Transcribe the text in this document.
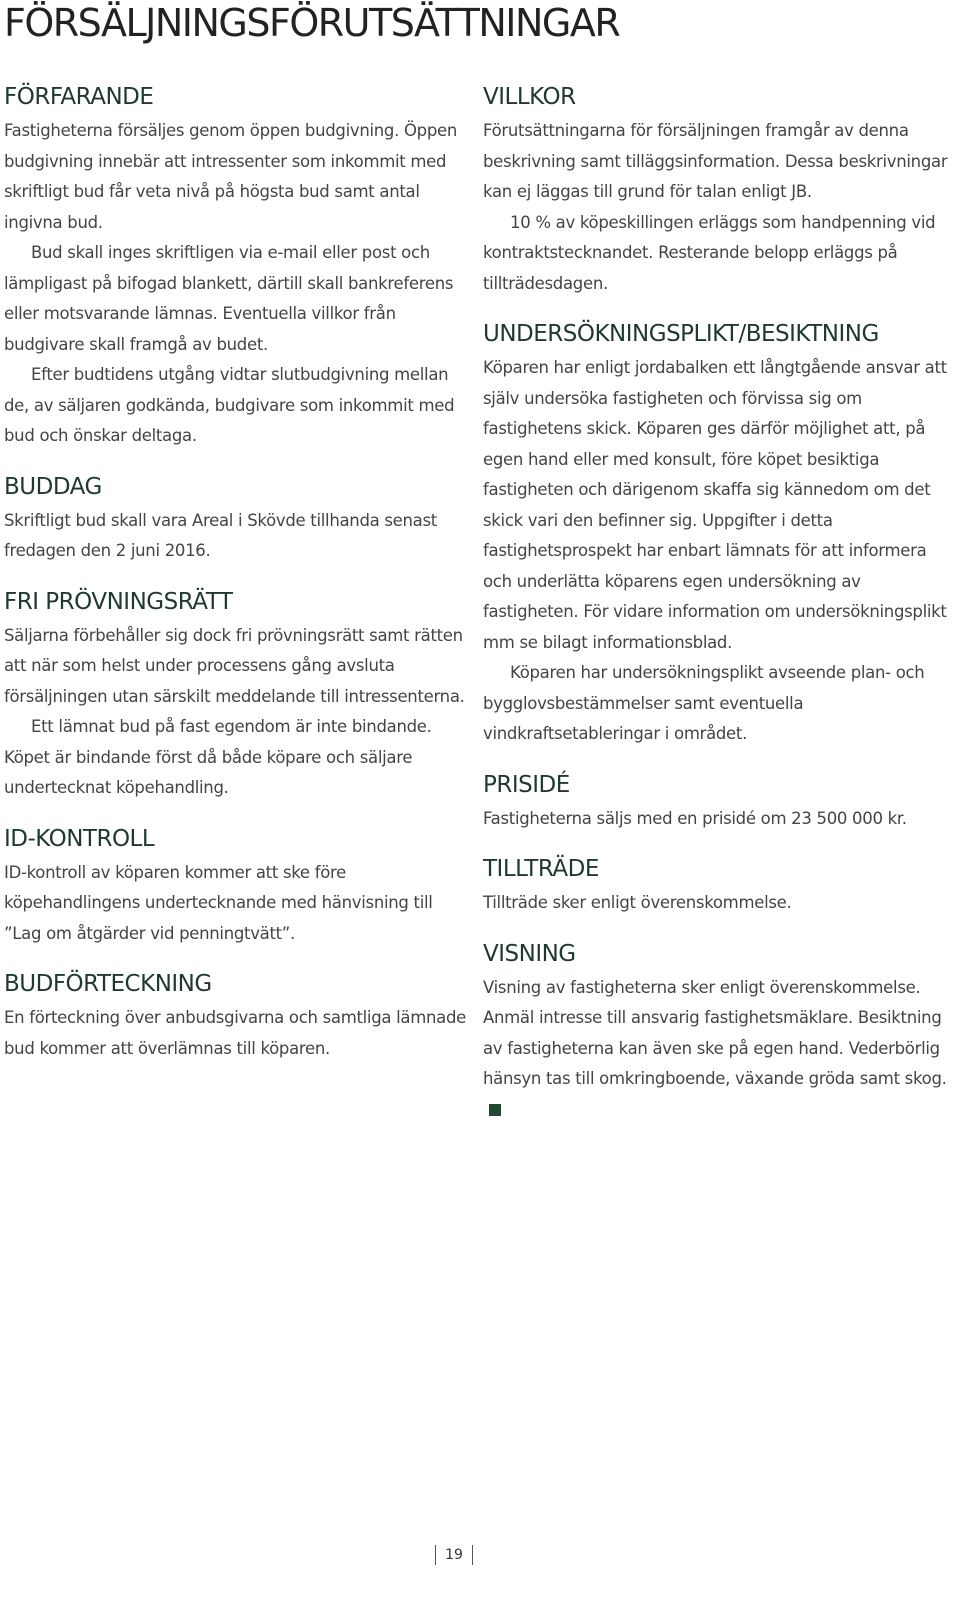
FÖRSÄLJNINGSFÖRUTSÄTTNINGAR
FÖRFARANDE

Fastigheterna försäljes genom öppen budgivning. Öppen budgivning innebär att intressenter som inkommit med skriftligt bud får veta nivå på högsta bud samt antal ingivna bud.

Bud skall inges skriftligen via e-mail eller post och lämpligast på bifogad blankett, därtill skall bankreferens eller motsvarande lämnas. Eventuella villkor från budgivare skall framgå av budet.

Efter budtidens utgång vidtar slutbudgivning mellan de, av säljaren godkända, budgivare som inkommit med bud och önskar deltaga.

BUDDAG

Skriftligt bud skall vara Areal i Skövde tillhanda senast fredagen den 2 juni 2016.

FRI PRÖVNINGSRÄTT

Säljarna förbehåller sig dock fri prövningsrätt samt rätten att när som helst under processens gång avsluta försäljningen utan särskilt meddelande till intressenterna.

Ett lämnat bud på fast egendom är inte bindande. Köpet är bindande först då både köpare och säljare undertecknat köpehandling.

ID-KONTROLL

ID-kontroll av köparen kommer att ske före köpehandlingens undertecknande med hänvisning till ”Lag om åtgärder vid penningtvätt”.

BUDFÖRTECKNING

En förteckning över anbudsgivarna och samtliga lämnade bud kommer att överlämnas till köparen.

VILLKOR

Förutsättningarna för försäljningen framgår av denna beskrivning samt tilläggsinformation. Dessa beskrivningar kan ej läggas till grund för talan enligt JB.

10 % av köpeskillingen erläggs som handpenning vid kontraktstecknandet. Resterande belopp erläggs på tillträdesdagen.

UNDERSÖKNINGSPLIKT/BESIKTNING

Köparen har enligt jordabalken ett långtgående ansvar att själv undersöka fastigheten och förvissa sig om fastighetens skick. Köparen ges därför möjlighet att, på egen hand eller med konsult, före köpet besiktiga fastigheten och därigenom skaffa sig kännedom om det skick vari den befinner sig. Uppgifter i detta fastighetsprospekt har enbart lämnats för att informera och underlätta köparens egen undersökning av fastigheten. För vidare information om undersökningsplikt mm se bilagt informationsblad.

Köparen har undersökningsplikt avseende plan- och bygglovsbestämmelser samt eventuella vindkraftsetableringar i området.

PRISIDÉ

Fastigheterna säljs med en prisidé om 23 500 000 kr.

TILLTRÄDE

Tillträde sker enligt överenskommelse.

VISNING

Visning av fastigheterna sker enligt överenskommelse. Anmäl intresse till ansvarig fastighetsmäklare. Besiktning av fastigheterna kan även ske på egen hand. Vederbörlig hänsyn tas till omkringboende, växande gröda samt skog.

19
